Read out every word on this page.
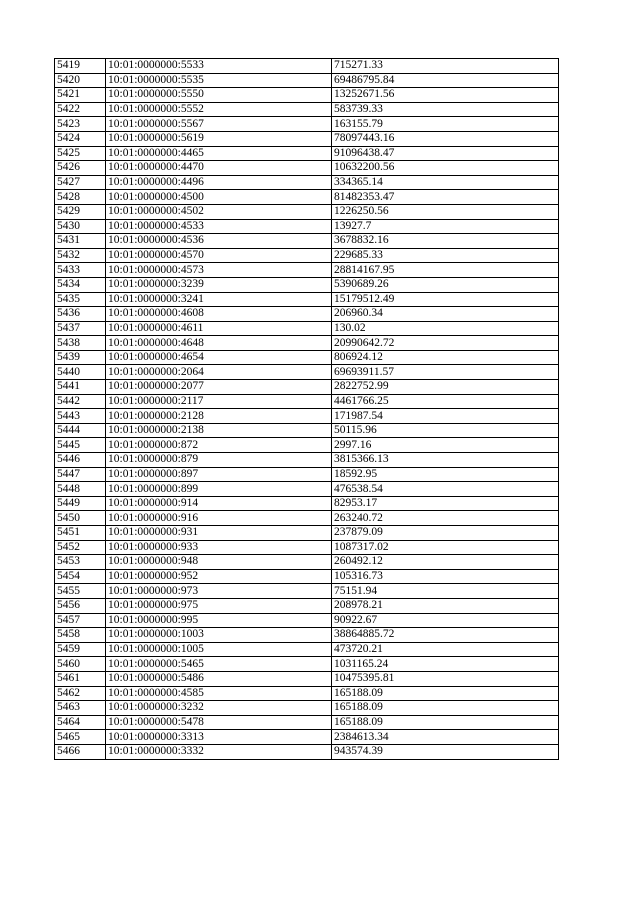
5419	10:01:0000000:5533	715271.33
5420	10:01:0000000:5535	69486795.84
5421	10:01:0000000:5550	13252671.56
5422	10:01:0000000:5552	583739.33
5423	10:01:0000000:5567	163155.79
5424	10:01:0000000:5619	78097443.16
5425	10:01:0000000:4465	91096438.47
5426	10:01:0000000:4470	10632200.56
5427	10:01:0000000:4496	334365.14
5428	10:01:0000000:4500	81482353.47
5429	10:01:0000000:4502	1226250.56
5430	10:01:0000000:4533	13927.7
5431	10:01:0000000:4536	3678832.16
5432	10:01:0000000:4570	229685.33
5433	10:01:0000000:4573	28814167.95
5434	10:01:0000000:3239	5390689.26
5435	10:01:0000000:3241	15179512.49
5436	10:01:0000000:4608	206960.34
5437	10:01:0000000:4611	130.02
5438	10:01:0000000:4648	20990642.72
5439	10:01:0000000:4654	806924.12
5440	10:01:0000000:2064	69693911.57
5441	10:01:0000000:2077	2822752.99
5442	10:01:0000000:2117	4461766.25
5443	10:01:0000000:2128	171987.54
5444	10:01:0000000:2138	50115.96
5445	10:01:0000000:872	2997.16
5446	10:01:0000000:879	3815366.13
5447	10:01:0000000:897	18592.95
5448	10:01:0000000:899	476538.54
5449	10:01:0000000:914	82953.17
5450	10:01:0000000:916	263240.72
5451	10:01:0000000:931	237879.09
5452	10:01:0000000:933	1087317.02
5453	10:01:0000000:948	260492.12
5454	10:01:0000000:952	105316.73
5455	10:01:0000000:973	75151.94
5456	10:01:0000000:975	208978.21
5457	10:01:0000000:995	90922.67
5458	10:01:0000000:1003	38864885.72
5459	10:01:0000000:1005	473720.21
5460	10:01:0000000:5465	1031165.24
5461	10:01:0000000:5486	10475395.81
5462	10:01:0000000:4585	165188.09
5463	10:01:0000000:3232	165188.09
5464	10:01:0000000:5478	165188.09
5465	10:01:0000000:3313	2384613.34
5466	10:01:0000000:3332	943574.39
